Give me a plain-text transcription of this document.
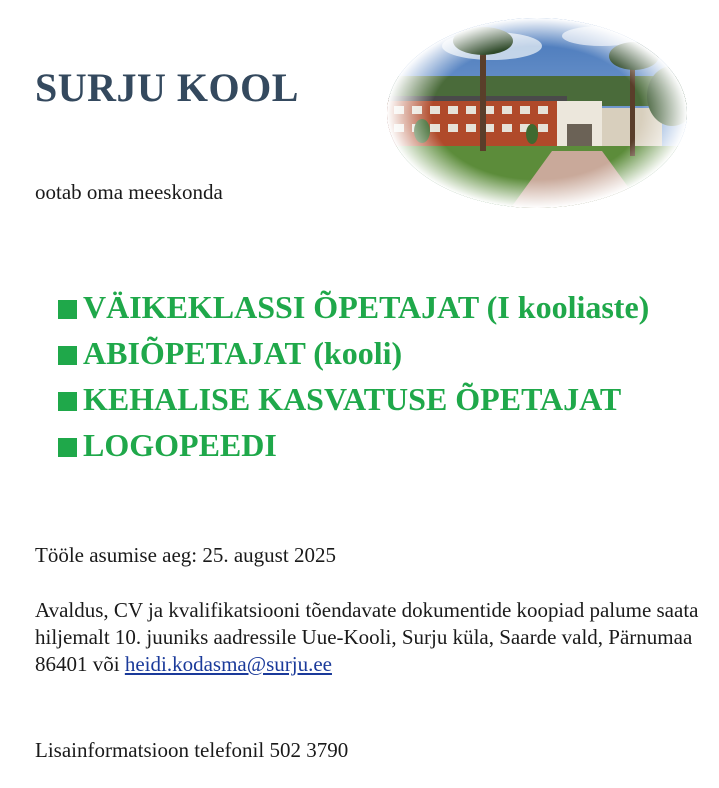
SURJU KOOL
ootab oma meeskonda
VÄIKEKLASSI ÕPETAJAT (I kooliaste)
ABIÕPETAJAT (kooli)
KEHALISE KASVATUSE ÕPETAJAT
LOGOPEEDI

Tööle asumise aeg: 25. august 2025

Avaldus, CV ja kvalifikatsiooni tõendavate dokumentide koopiad palume saata hiljemalt 10. juuniks aadressile Uue-Kooli, Surju küla, Saarde vald, Pärnumaa 86401 või heidi.kodasma@surju.ee

Lisainformatsioon telefonil 502 3790
